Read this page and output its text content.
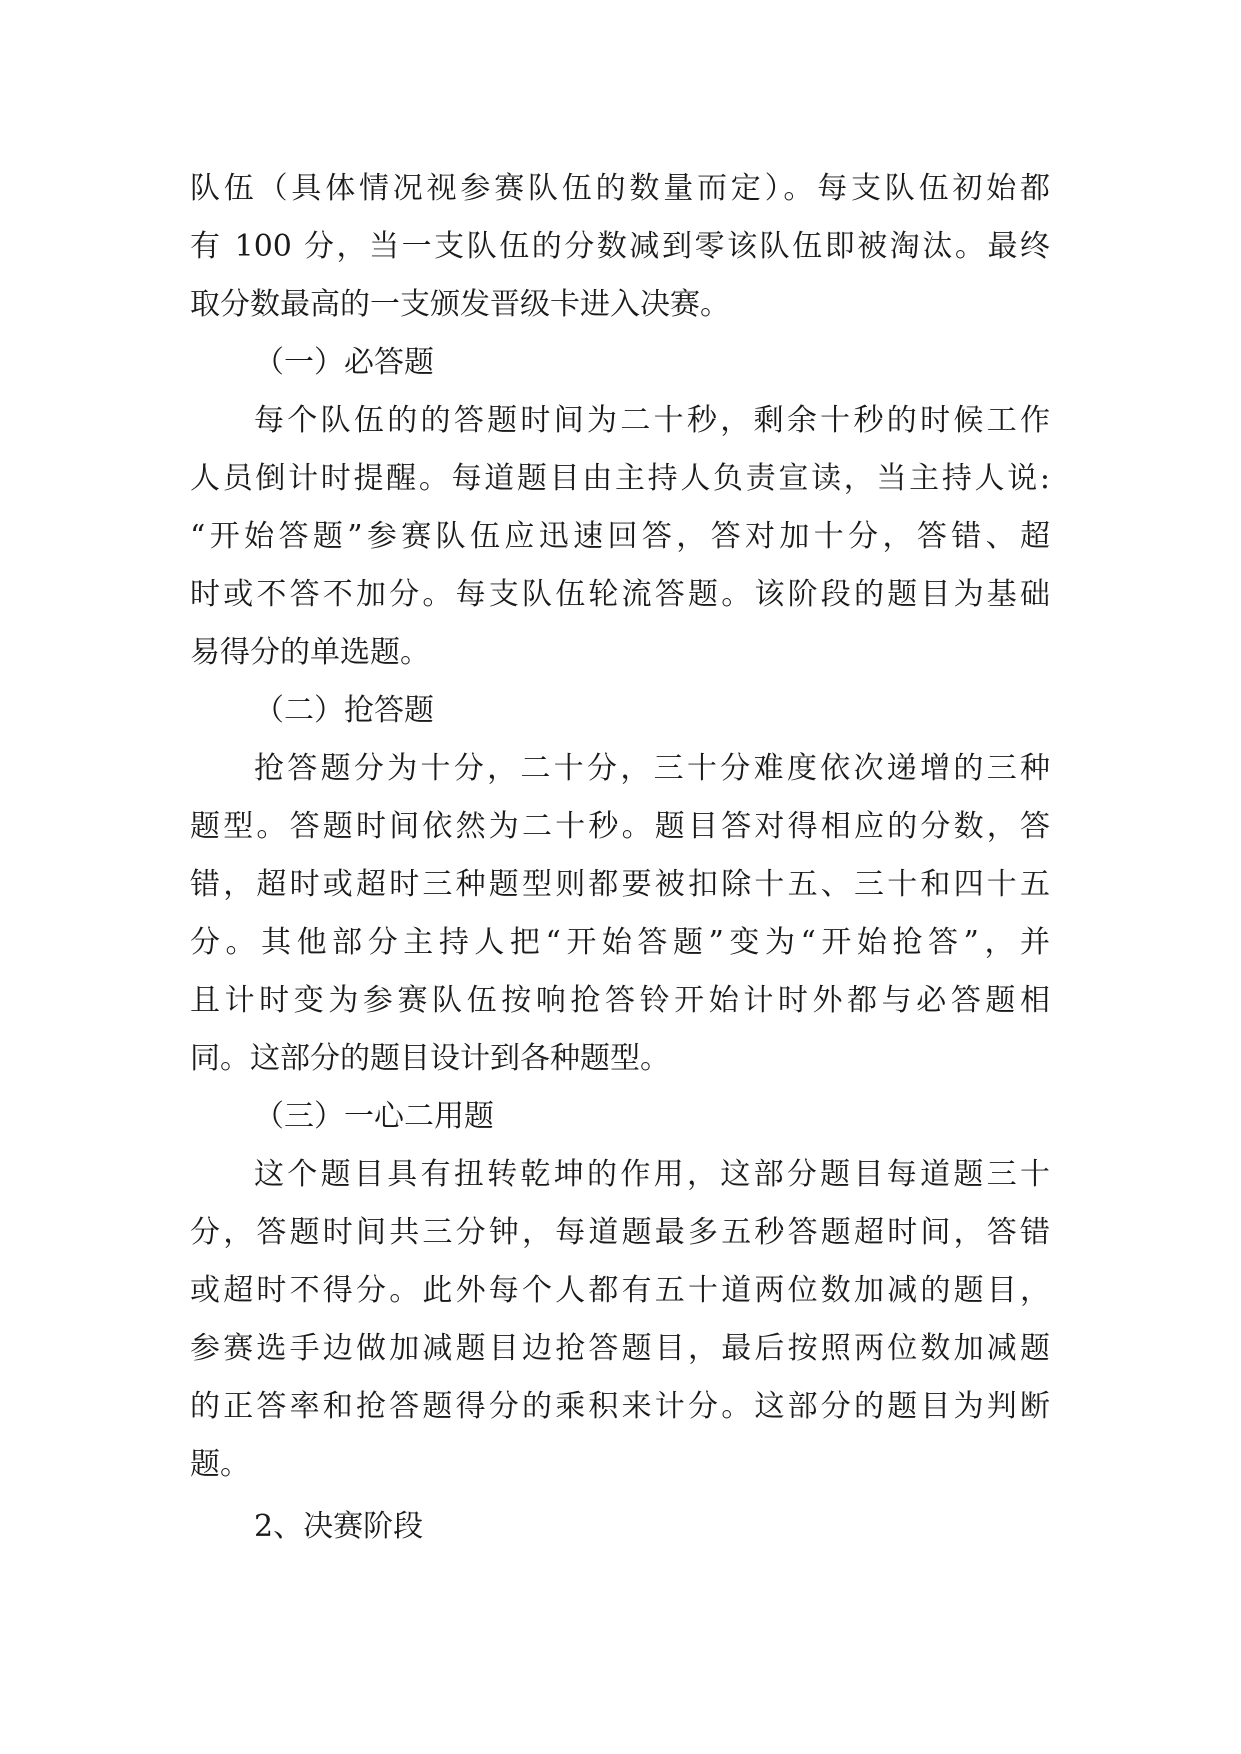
队伍（具体情况视参赛队伍的数量而定）。每支队伍初始都
有 100 分，当一支队伍的分数减到零该队伍即被淘汰。最终
取分数最高的一支颁发晋级卡进入决赛。
（一）必答题
每个队伍的的答题时间为二十秒，剩余十秒的时候工作
人员倒计时提醒。每道题目由主持人负责宣读，当主持人说:
“开始答题”参赛队伍应迅速回答，答对加十分，答错、超
时或不答不加分。每支队伍轮流答题。该阶段的题目为基础
易得分的单选题。
（二）抢答题
抢答题分为十分，二十分，三十分难度依次递增的三种
题型。答题时间依然为二十秒。题目答对得相应的分数，答
错，超时或超时三种题型则都要被扣除十五、三十和四十五
分。其他部分主持人把“开始答题”变为“开始抢答”，并
且计时变为参赛队伍按响抢答铃开始计时外都与必答题相
同。这部分的题目设计到各种题型。
（三）一心二用题
这个题目具有扭转乾坤的作用，这部分题目每道题三十
分，答题时间共三分钟，每道题最多五秒答题超时间，答错
或超时不得分。此外每个人都有五十道两位数加减的题目，
参赛选手边做加减题目边抢答题目，最后按照两位数加减题
的正答率和抢答题得分的乘积来计分。这部分的题目为判断
题。
2、决赛阶段
